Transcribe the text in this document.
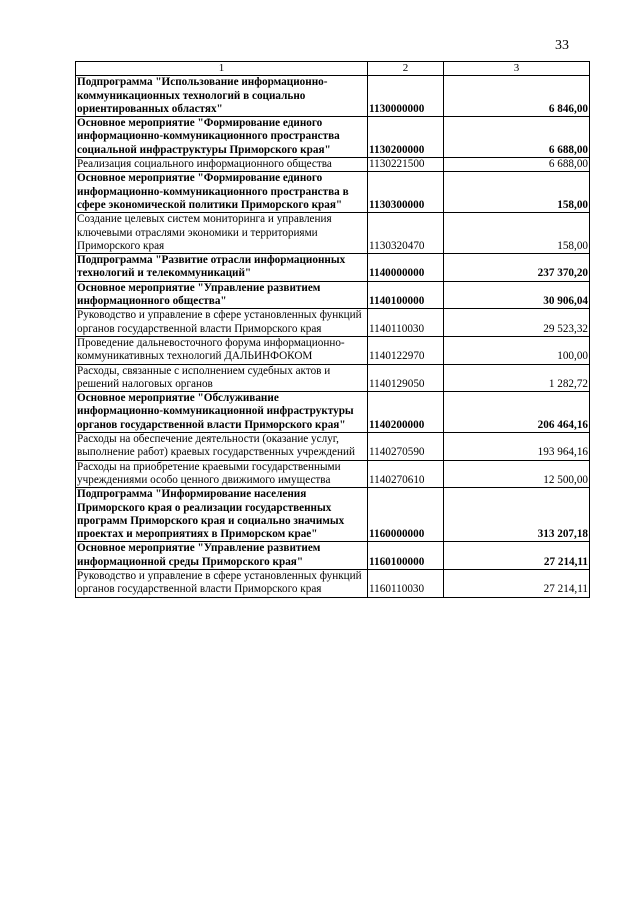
33
1	2	3
Подпрограмма "Использование информационно-коммуникационных технологий в социально ориентированных областях"	1130000000	6 846,00
Основное мероприятие "Формирование единого информационно-коммуникационного пространства социальной инфраструктуры Приморского края"	1130200000	6 688,00
Реализация социального информационного общества	1130221500	6 688,00
Основное мероприятие "Формирование единого информационно-коммуникационного пространства в сфере экономической политики Приморского края"	1130300000	158,00
Создание целевых систем мониторинга и управления ключевыми отраслями экономики и территориями Приморского края	1130320470	158,00
Подпрограмма "Развитие отрасли информационных технологий и телекоммуникаций"	1140000000	237 370,20
Основное мероприятие "Управление развитием информационного общества"	1140100000	30 906,04
Руководство и управление в сфере установленных функций органов государственной власти Приморского края	1140110030	29 523,32
Проведение дальневосточного форума информационно-коммуникативных технологий ДАЛЬИНФОКОМ	1140122970	100,00
Расходы, связанные с исполнением судебных актов и решений налоговых органов	1140129050	1 282,72
Основное мероприятие "Обслуживание информационно-коммуникационной инфраструктуры органов государственной власти Приморского края"	1140200000	206 464,16
Расходы на обеспечение деятельности (оказание услуг, выполнение работ) краевых государственных учреждений	1140270590	193 964,16
Расходы на приобретение краевыми государственными учреждениями особо ценного движимого имущества	1140270610	12 500,00
Подпрограмма "Информирование населения Приморского края о реализации государственных программ Приморского края и социально значимых проектах и мероприятиях в Приморском крае"	1160000000	313 207,18
Основное мероприятие "Управление развитием информационной среды Приморского края"	1160100000	27 214,11
Руководство и управление в сфере установленных функций органов государственной власти Приморского края	1160110030	27 214,11
